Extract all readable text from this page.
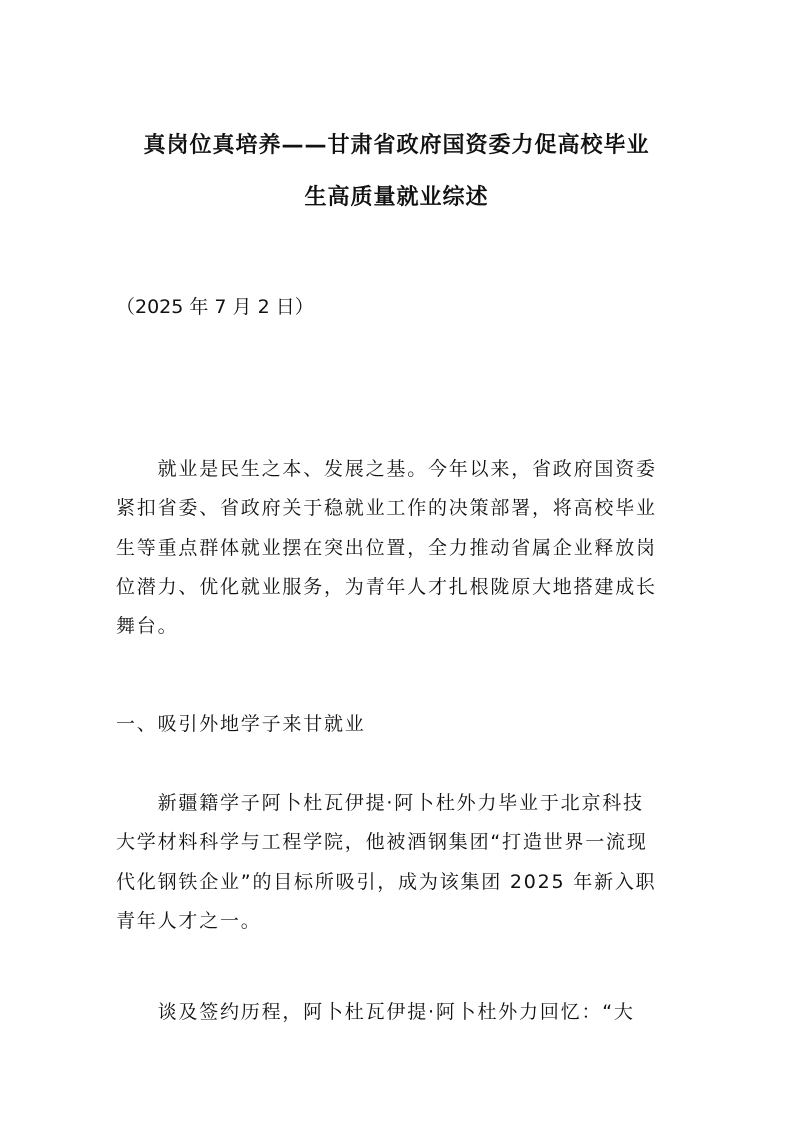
真岗位真培养——甘肃省政府国资委力促高校毕业
生高质量就业综述
（2025 年 7 月 2 日）
　　就业是民生之本、发展之基。今年以来，省政府国资委
紧扣省委、省政府关于稳就业工作的决策部署，将高校毕业
生等重点群体就业摆在突出位置，全力推动省属企业释放岗
位潜力、优化就业服务，为青年人才扎根陇原大地搭建成长
舞台。
一、吸引外地学子来甘就业
　　新疆籍学子阿卜杜瓦伊提·阿卜杜外力毕业于北京科技
大学材料科学与工程学院，他被酒钢集团“打造世界一流现
代化钢铁企业”的目标所吸引，成为该集团 2025 年新入职
青年人才之一。
　　谈及签约历程，阿卜杜瓦伊提·阿卜杜外力回忆：“大
